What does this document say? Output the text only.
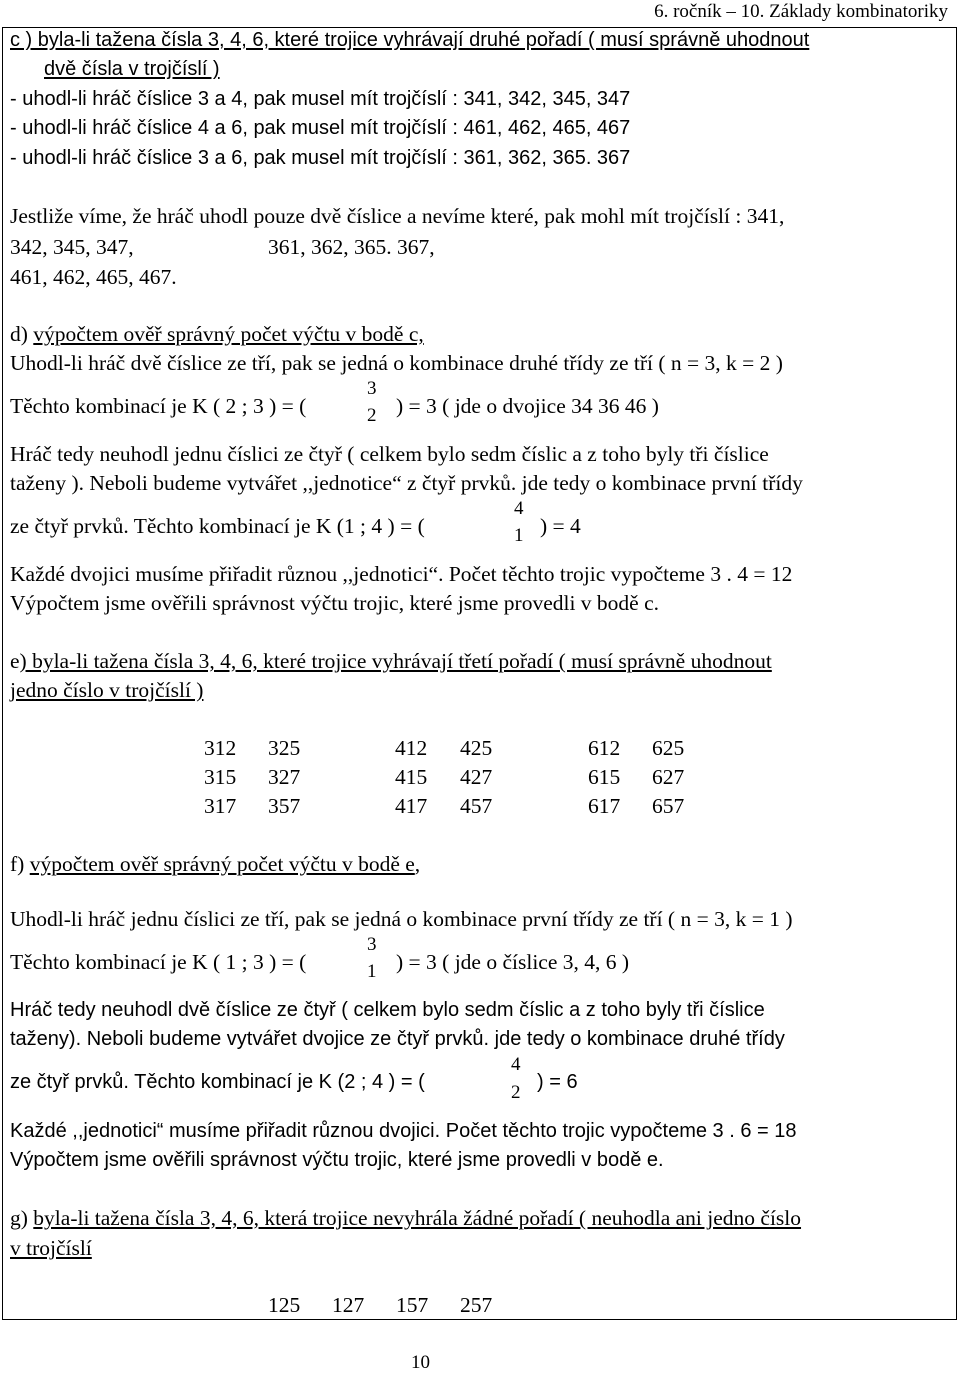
6. ročník – 10. Základy kombinatoriky
c ) byla-li tažena čísla 3, 4, 6, které trojice vyhrávají druhé pořadí ( musí správně uhodnout
dvě čísla v trojčíslí )
- uhodl-li hráč číslice 3 a 4, pak musel mít trojčíslí : 341, 342, 345, 347
- uhodl-li hráč číslice 4 a 6, pak musel mít trojčíslí : 461, 462, 465, 467
- uhodl-li hráč číslice 3 a 6, pak musel mít trojčíslí : 361, 362, 365. 367
Jestliže víme, že hráč uhodl pouze dvě číslice a nevíme které, pak mohl mít trojčíslí : 341,
342, 345, 347,	361, 362, 365. 367,
461, 462, 465, 467.
d) výpočtem ověř správný počet výčtu v bodě c,
Uhodl-li hráč dvě číslice ze tří, pak se jedná o kombinace druhé třídy ze tří ( n = 3, k = 2 )
Těchto kombinací je K ( 2 ; 3 ) = (
3
2 ) = 3 ( jde o dvojice 34 36 46 )
Hráč tedy neuhodl jednu číslici ze čtyř ( celkem bylo sedm číslic a z toho byly tři číslice
taženy ). Neboli budeme vytvářet ,,jednotice“ z čtyř prvků. jde tedy o kombinace první třídy
ze čtyř prvků. Těchto kombinací je K (1 ; 4 ) = (
4
1 ) = 4
Každé dvojici musíme přiřadit různou ,,jednotici“. Počet těchto trojic vypočteme 3 . 4 = 12
Výpočtem jsme ověřili správnost výčtu trojic, které jsme provedli v bodě c.
e) byla-li tažena čísla 3, 4, 6, které trojice vyhrávají třetí pořadí ( musí správně uhodnout
jedno číslo v trojčíslí )
312 325	412 425	612 625
315 327	415 427	615 627
317 357	417 457	617 657
f) výpočtem ověř správný počet výčtu v bodě e,
Uhodl-li hráč jednu číslici ze tří, pak se jedná o kombinace první třídy ze tří ( n = 3, k = 1 )
Těchto kombinací je K ( 1 ; 3 ) = (
3
1 ) = 3 ( jde o číslice 3, 4, 6 )
Hráč tedy neuhodl dvě číslice ze čtyř ( celkem bylo sedm číslic a z toho byly tři číslice
taženy). Neboli budeme vytvářet dvojice ze čtyř prvků. jde tedy o kombinace druhé třídy
ze čtyř prvků. Těchto kombinací je K (2 ; 4 ) = (
4
2 ) = 6
Každé ,,jednotici“ musíme přiřadit různou dvojici. Počet těchto trojic vypočteme 3 . 6 = 18
Výpočtem jsme ověřili správnost výčtu trojic, které jsme provedli v bodě e.
g) byla-li tažena čísla 3, 4, 6, která trojice nevyhrála žádné pořadí ( neuhodla ani jedno číslo
v trojčíslí
125 127 157 257
10
